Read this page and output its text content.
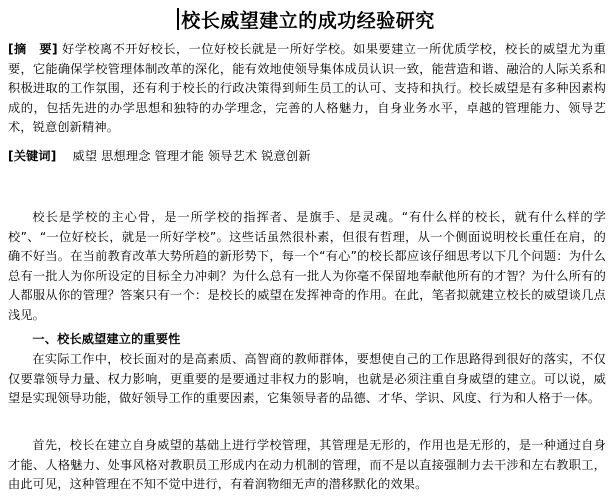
校长威望建立的成功经验研究
[摘　要] 好学校离不开好校长，一位好校长就是一所好学校。如果要建立一所优质学校，校长的威望尤为重要，它能确保学校管理体制改革的深化，能有效地使领导集体成员认识一致，能营造和谐、融洽的人际关系和积极进取的工作氛围，还有利于校长的行政决策得到师生员工的认可、支持和执行。校长威望是有多种因素构成的，包括先进的办学思想和独特的办学理念，完善的人格魅力，自身业务水平，卓越的管理能力、领导艺术，锐意创新精神。
[关键词] 威望 思想理念 管理才能 领导艺术 锐意创新
校长是学校的主心骨，是一所学校的指挥者、是旗手、是灵魂。“有什么样的校长，就有什么样的学校”、“一位好校长，就是一所好学校”。这些话虽然很朴素，但很有哲理，从一个侧面说明校长重任在肩，的确不好当。在当前教育改革大势所趋的新形势下，每一个“有心”的校长都应该仔细思考以下几个问题：为什么总有一批人为你所设定的目标全力冲刺？为什么总有一批人为你毫不保留地奉献他所有的才智？为什么所有的人都服从你的管理？答案只有一个：是校长的威望在发挥神奇的作用。在此，笔者拟就建立校长的威望谈几点浅见。
一、校长威望建立的重要性
在实际工作中，校长面对的是高素质、高智商的教师群体，要想使自己的工作思路得到很好的落实，不仅仅要靠领导力量、权力影响，更重要的是要通过非权力的影响，也就是必须注重自身威望的建立。可以说，威望是实现领导功能，做好领导工作的重要因素，它集领导者的品德、才华、学识、风度、行为和人格于一体。
首先，校长在建立自身威望的基础上进行学校管理，其管理是无形的，作用也是无形的，是一种通过自身才能、人格魅力、处事风格对教职员工形成内在动力机制的管理，而不是以直接强制力去干涉和左右教职工，由此可见，这种管理在不知不觉中进行，有着润物细无声的潜移默化的效果。
